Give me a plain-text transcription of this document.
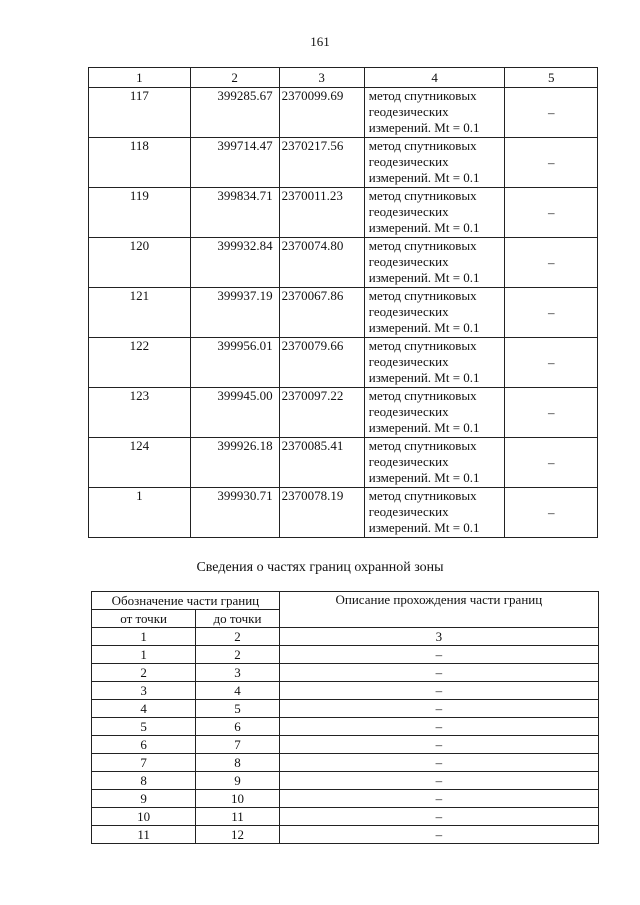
161
1	2	3	4	5
117	399285.67	2370099.69	метод спутниковых
геодезических
измерений. Mt = 0.1	–
118	399714.47	2370217.56	метод спутниковых
геодезических
измерений. Mt = 0.1	–
119	399834.71	2370011.23	метод спутниковых
геодезических
измерений. Mt = 0.1	–
120	399932.84	2370074.80	метод спутниковых
геодезических
измерений. Mt = 0.1	–
121	399937.19	2370067.86	метод спутниковых
геодезических
измерений. Mt = 0.1	–
122	399956.01	2370079.66	метод спутниковых
геодезических
измерений. Mt = 0.1	–
123	399945.00	2370097.22	метод спутниковых
геодезических
измерений. Mt = 0.1	–
124	399926.18	2370085.41	метод спутниковых
геодезических
измерений. Mt = 0.1	–
1	399930.71	2370078.19	метод спутниковых
геодезических
измерений. Mt = 0.1	–
Сведения о частях границ охранной зоны
Обозначение части границ		Описание прохождения части границ
от точки	до точки	
1	2	3
1	2	–
2	3	–
3	4	–
4	5	–
5	6	–
6	7	–
7	8	–
8	9	–
9	10	–
10	11	–
11	12	–
